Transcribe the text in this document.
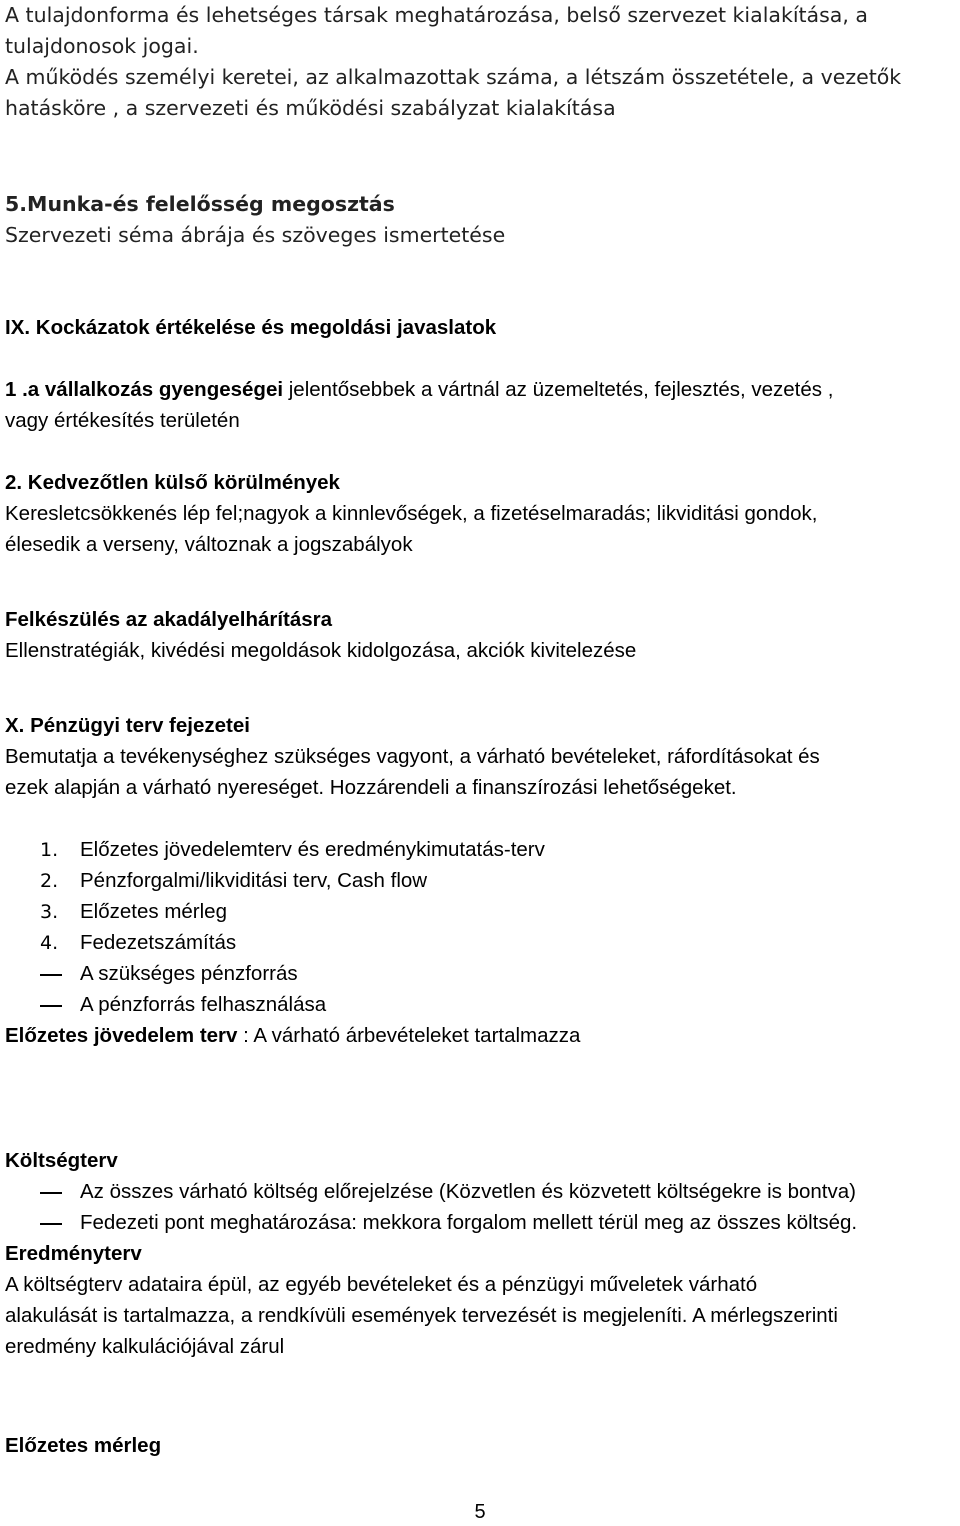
A tulajdonforma és lehetséges társak meghatározása, belső szervezet kialakítása, a
tulajdonosok jogai.
A működés személyi keretei, az alkalmazottak száma, a létszám összetétele, a vezetők
hatásköre , a szervezeti és működési szabályzat kialakítása
5.Munka-és felelősség megosztás
Szervezeti séma ábrája és szöveges ismertetése
IX. Kockázatok értékelése és megoldási javaslatok
1 .a vállalkozás gyengeségei jelentősebbek a vártnál az üzemeltetés, fejlesztés, vezetés ,
vagy értékesítés területén
2. Kedvezőtlen külső körülmények
Keresletcsökkenés lép fel;nagyok a kinnlevőségek, a fizetéselmaradás; likviditási gondok,
élesedik a verseny, változnak a jogszabályok
Felkészülés az akadályelhárításra
Ellenstratégiák, kivédési megoldások kidolgozása, akciók kivitelezése
X. Pénzügyi terv fejezetei
Bemutatja a tevékenységhez szükséges vagyont, a várható bevételeket, ráfordításokat és
ezek alapján a várható nyereséget. Hozzárendeli a finanszírozási lehetőségeket.
1. Előzetes jövedelemterv és eredménykimutatás-terv
2. Pénzforgalmi/likviditási terv, Cash flow
3. Előzetes mérleg
4. Fedezetszámítás
A szükséges pénzforrás
A pénzforrás felhasználása
Előzetes jövedelem terv : A várható árbevételeket tartalmazza
Költségterv
Az összes várható költség előrejelzése (Közvetlen és közvetett költségekre is bontva)
Fedezeti pont meghatározása: mekkora forgalom mellett térül meg az összes költség.
Eredményterv
A költségterv adataira épül, az egyéb bevételeket és a pénzügyi műveletek várható
alakulását is tartalmazza, a rendkívüli események tervezését is megjeleníti. A mérlegszerinti
eredmény kalkulációjával zárul
Előzetes mérleg
5
